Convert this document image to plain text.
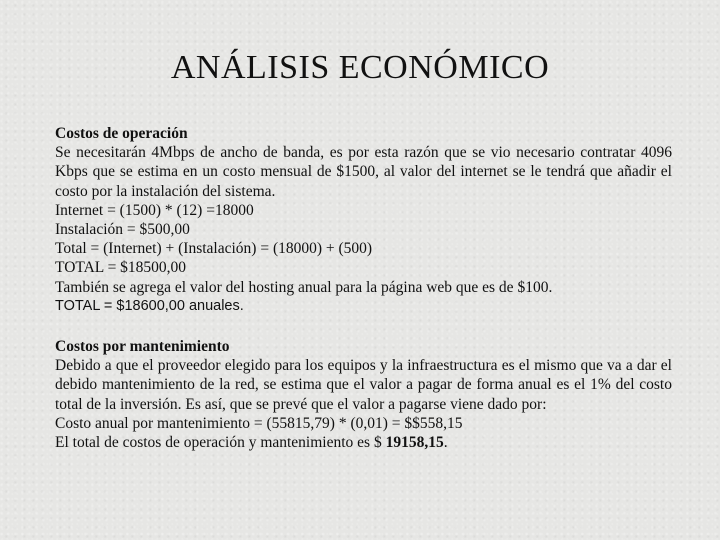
ANÁLISIS ECONÓMICO

Costos de operación

Se necesitarán 4Mbps de ancho de banda, es por esta razón que se vio necesario contratar 4096 Kbps que se estima en un costo mensual de $1500, al valor del internet se le tendrá que añadir el costo por la instalación del sistema.

Internet = (1500) * (12) =18000

Instalación = $500,00

Total = (Internet) + (Instalación) = (18000) + (500)

TOTAL = $18500,00

También se agrega el valor del hosting anual para la página web que es de $100.

TOTAL = $18600,00 anuales.

Costos por mantenimiento

Debido a que el proveedor elegido para los equipos y la infraestructura es el mismo que va a dar el debido mantenimiento de la red, se estima que el valor a pagar de forma anual es el 1% del costo total de la inversión. Es así, que se prevé que el valor a pagarse viene dado por:

Costo anual por mantenimiento = (55815,79) * (0,01) = $$558,15

El total de costos de operación y mantenimiento es $ 19158,15.
